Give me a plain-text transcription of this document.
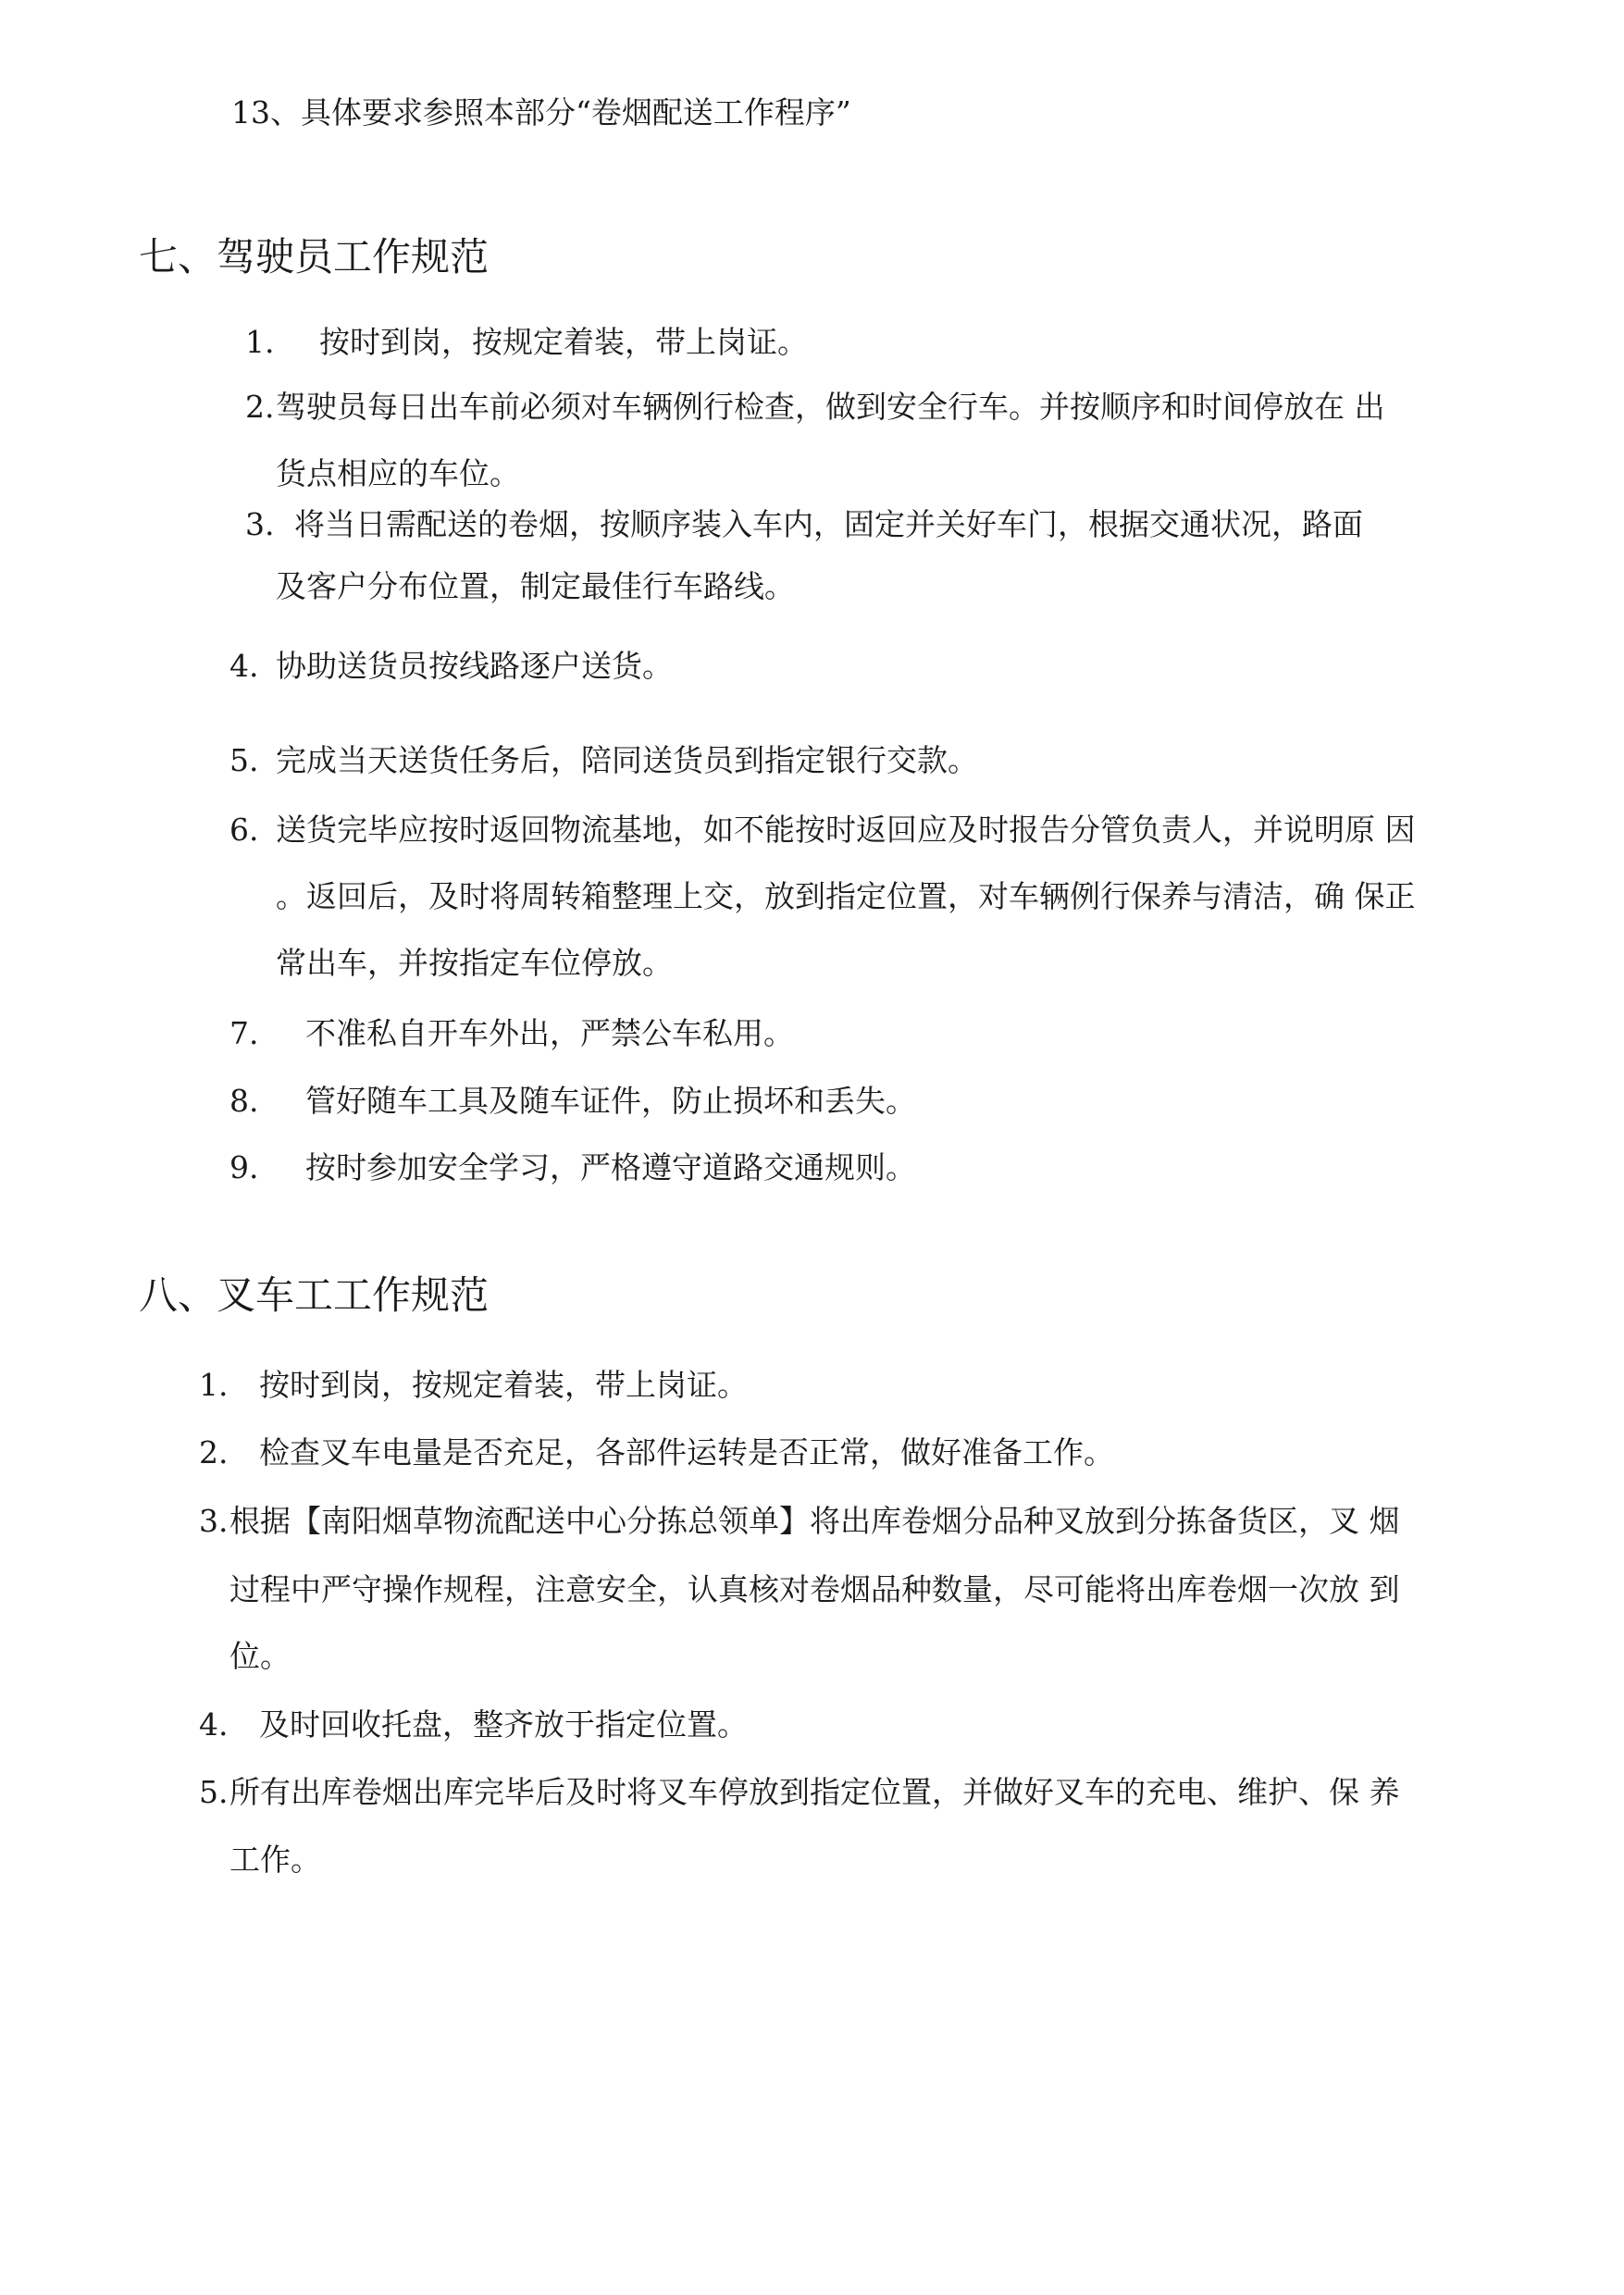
13、具体要求参照本部分“卷烟配送工作程序”
七、驾驶员工作规范
1. 按时到岗，按规定着装，带上岗证。
2. 驾驶员每日出车前必须对车辆例行检查，做到安全行车。并按顺序和时间停放在 出
货点相应的车位。
3. 将当日需配送的卷烟，按顺序装入车内，固定并关好车门，根据交通状况，路面
及客户分布位置，制定最佳行车路线。
4. 协助送货员按线路逐户送货。
5. 完成当天送货任务后，陪同送货员到指定银行交款。
6. 送货完毕应按时返回物流基地，如不能按时返回应及时报告分管负责人，并说明原 因
。返回后，及时将周转箱整理上交，放到指定位置，对车辆例行保养与清洁，确 保正
常出车，并按指定车位停放。
7. 不准私自开车外出，严禁公车私用。
8. 管好随车工具及随车证件，防止损坏和丢失。
9. 按时参加安全学习，严格遵守道路交通规则。
八、叉车工工作规范
1. 按时到岗，按规定着装，带上岗证。
2. 检查叉车电量是否充足，各部件运转是否正常，做好准备工作。
3. 根据【南阳烟草物流配送中心分拣总领单】将出库卷烟分品种叉放到分拣备货区，叉 烟
过程中严守操作规程，注意安全，认真核对卷烟品种数量，尽可能将出库卷烟一次放 到
位。
4. 及时回收托盘，整齐放于指定位置。
5. 所有出库卷烟出库完毕后及时将叉车停放到指定位置，并做好叉车的充电、维护、保 养
工作。
